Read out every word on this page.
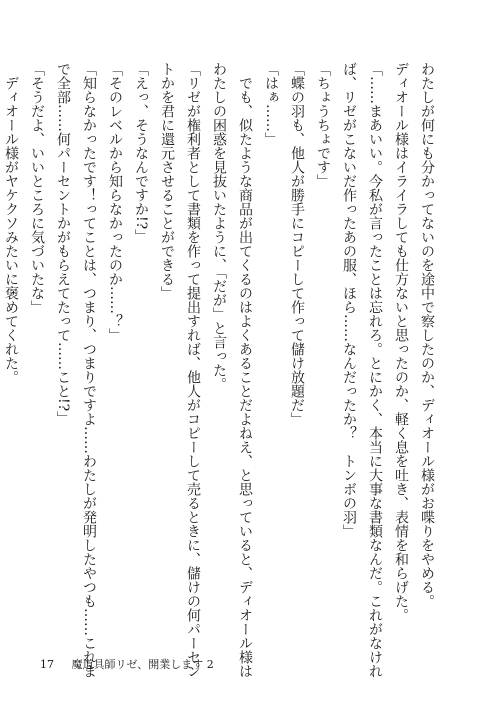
わたしが何にも分かってないのを途中で察したのか、ディオール様がお喋りをやめる。

ディオール様はイライラしても仕方ないと思ったのか、軽く息を吐き、表情を和らげた。

「……まあいい。今私が言ったことは忘れろ。とにかく、本当に大事な書類なんだ。これがなけれ

ば、リゼがこないだ作ったあの服、ほら……なんだったか？　トンボの羽」

「ちょうちょです」

「蝶の羽も、他人が勝手にコピーして作って儲け放題だ」

「はぁ……」

　でも、似たような商品が出てくるのはよくあることだよねえ、と思っていると、ディオール様は

わたしの困惑を見抜いたように、「だが」と言った。

「リゼが権利者として書類を作って提出すれば、他人がコピーして売るときに、儲けの何パーセン

トかを君に還元させることができる」

「えっ、そうなんですか!?」

「そのレベルから知らなかったのか……？」

「知らなかったです！ってことは、つまり、つまりですよ……わたしが発明したやつも……これま

で全部……何パーセントかがもらえてたって……こと!?」

「そうだよ、いいところに気づいたな」

　ディオール様がヤケクソみたいに褒めてくれた。

17 魔道具師リゼ、開業します 2
